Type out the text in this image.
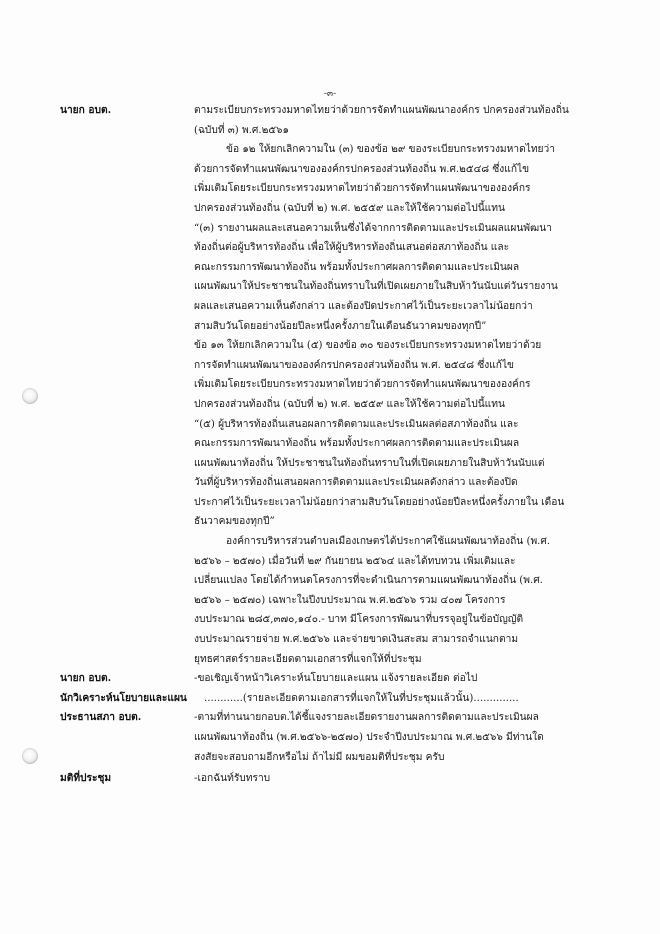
-๓-
นายก อบต.	ตามระเบียบกระทรวงมหาดไทยว่าด้วยการจัดทำแผนพัฒนาองค์กร ปกครองส่วนท้องถิ่น
(ฉบับที่ ๓) พ.ศ.๒๕๖๑
ข้อ ๑๒ ให้ยกเลิกความใน (๓) ของข้อ ๒๙ ของระเบียบกระทรวงมหาดไทยว่า
ด้วยการจัดทำแผนพัฒนาขององค์กรปกครองส่วนท้องถิ่น พ.ศ.๒๕๔๘ ซึ่งแก้ไข
เพิ่มเติมโดยระเบียบกระทรวงมหาดไทยว่าด้วยการจัดทำแผนพัฒนาขององค์กร
ปกครองส่วนท้องถิ่น (ฉบับที่ ๒) พ.ศ. ๒๕๕๙ และให้ใช้ความต่อไปนี้แทน
“(๓) รายงานผลและเสนอความเห็นซึ่งได้จากการติดตามและประเมินผลแผนพัฒนา
ท้องถิ่นต่อผู้บริหารท้องถิ่น เพื่อให้ผู้บริหารท้องถิ่นเสนอต่อสภาท้องถิ่น และ
คณะกรรมการพัฒนาท้องถิ่น พร้อมทั้งประกาศผลการติดตามและประเมินผล
แผนพัฒนาให้ประชาชนในท้องถิ่นทราบในที่เปิดเผยภายในสิบห้าวันนับแต่วันรายงาน
ผลและเสนอความเห็นดังกล่าว และต้องปิดประกาศไว้เป็นระยะเวลาไม่น้อยกว่า
สามสิบวันโดยอย่างน้อยปีละหนึ่งครั้งภายในเดือนธันวาคมของทุกปี”
ข้อ ๑๓ ให้ยกเลิกความใน (๕) ของข้อ ๓๐ ของระเบียบกระทรวงมหาดไทยว่าด้วย
การจัดทำแผนพัฒนาขององค์กรปกครองส่วนท้องถิ่น พ.ศ. ๒๕๔๘ ซึ่งแก้ไข
เพิ่มเติมโดยระเบียบกระทรวงมหาดไทยว่าด้วยการจัดทำแผนพัฒนาขององค์กร
ปกครองส่วนท้องถิ่น (ฉบับที่ ๒) พ.ศ. ๒๕๕๙ และให้ใช้ความต่อไปนี้แทน
“(๕) ผู้บริหารท้องถิ่นเสนอผลการติดตามและประเมินผลต่อสภาท้องถิ่น และ
คณะกรรมการพัฒนาท้องถิ่น พร้อมทั้งประกาศผลการติดตามและประเมินผล
แผนพัฒนาท้องถิ่น ให้ประชาชนในท้องถิ่นทราบในที่เปิดเผยภายในสิบห้าวันนับแต่
วันที่ผู้บริหารท้องถิ่นเสนอผลการติดตามและประเมินผลดังกล่าว และต้องปิด
ประกาศไว้เป็นระยะเวลาไม่น้อยกว่าสามสิบวันโดยอย่างน้อยปีละหนึ่งครั้งภายใน เดือน
ธันวาคมของทุกปี”
องค์การบริหารส่วนตำบลเมืองเกษตรได้ประกาศใช้แผนพัฒนาท้องถิ่น (พ.ศ.
๒๕๖๖ – ๒๕๗๐) เมื่อวันที่ ๒๙ กันยายน ๒๕๖๔ และได้ทบทวน เพิ่มเติมและ
เปลี่ยนแปลง โดยได้กำหนดโครงการที่จะดำเนินการตามแผนพัฒนาท้องถิ่น (พ.ศ.
๒๕๖๖ – ๒๕๗๐) เฉพาะในปีงบประมาณ พ.ศ.๒๕๖๖ รวม ๔๐๗ โครงการ
งบประมาณ ๒๘๕,๓๗๐,๑๔๐.- บาท มีโครงการพัฒนาที่บรรจุอยู่ในข้อบัญญัติ
งบประมาณรายจ่าย พ.ศ.๒๕๖๖ และจ่ายขาดเงินสะสม สามารถจำแนกตาม
ยุทธศาสตร์รายละเอียดตามเอกสารที่แจกให้ที่ประชุม
นายก อบต.	-ขอเชิญเจ้าหน้าวิเคราะห์นโยบายและแผน แจ้งรายละเอียด ต่อไป
นักวิเคราะห์นโยบายและแผน	............(รายละเอียดตามเอกสารที่แจกให้ในที่ประชุมแล้วนั้น)..............
ประธานสภา อบต.	-ตามที่ท่านนายกอบต.ได้ชี้แจงรายละเอียดรายงานผลการติดตามและประเมินผล
แผนพัฒนาท้องถิ่น (พ.ศ.๒๕๖๖-๒๕๗๐) ประจำปีงบประมาณ พ.ศ.๒๕๖๖ มีท่านใด
สงสัยจะสอบถามอีกหรือไม่ ถ้าไม่มี ผมขอมติที่ประชุม ครับ
มติที่ประชุม	-เอกฉันท์รับทราบ
